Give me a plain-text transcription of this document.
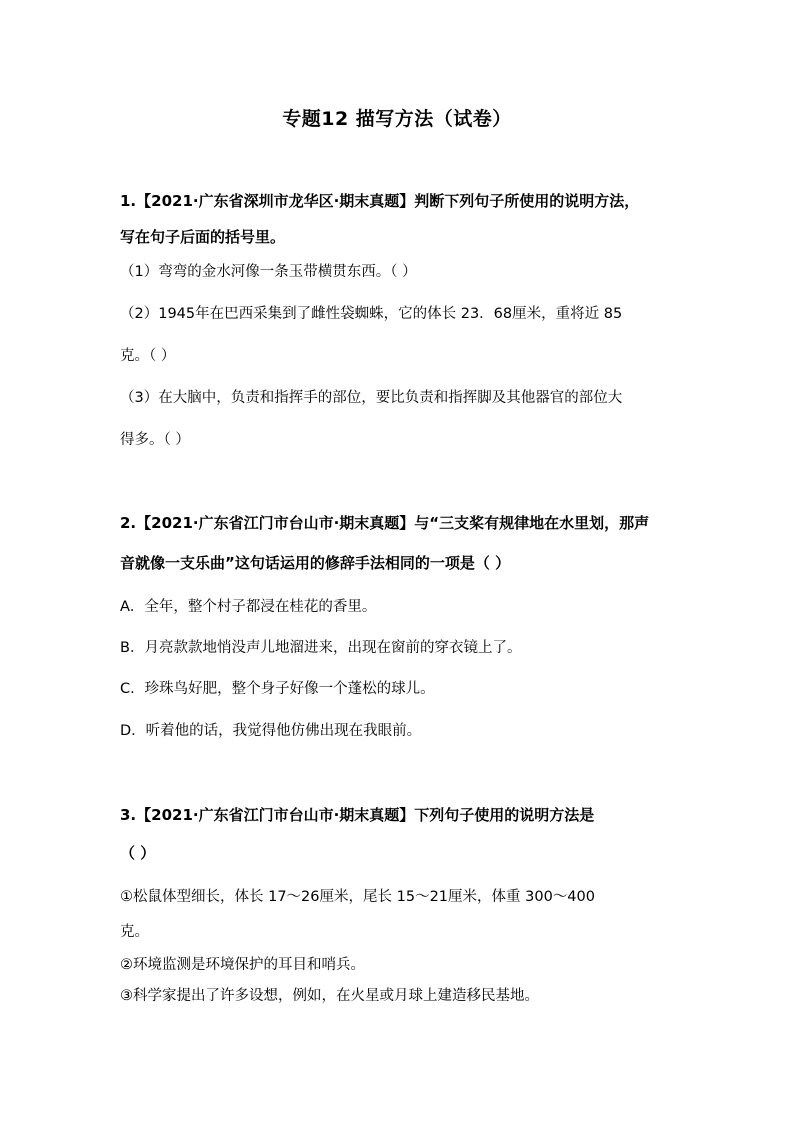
专题12 描写方法（试卷）
1.【2021·广东省深圳市龙华区·期末真题】判断下列句子所使用的说明方法，
写在句子后面的括号里。
（1）弯弯的金水河像一条玉带横贯东西。（ ）
（2）1945年在巴西采集到了雌性袋蜘蛛，它的体长 23．68厘米，重将近 85
克。（ ）
（3）在大脑中，负责和指挥手的部位，要比负责和指挥脚及其他器官的部位大
得多。（ ）
2.【2021·广东省江门市台山市·期末真题】与“三支桨有规律地在水里划，那声
音就像一支乐曲”这句话运用的修辞手法相同的一项是（ ）
A．全年，整个村子都浸在桂花的香里。
B．月亮款款地悄没声儿地溜进来，出现在窗前的穿衣镜上了。
C．珍珠鸟好肥，整个身子好像一个蓬松的球儿。
D．听着他的话，我觉得他仿佛出现在我眼前。
3.【2021·广东省江门市台山市·期末真题】下列句子使用的说明方法是
（ ）
①松鼠体型细长，体长 17～26厘米，尾长 15～21厘米，体重 300～400
克。
②环境监测是环境保护的耳目和哨兵。
③科学家提出了许多设想，例如，在火星或月球上建造移民基地。
